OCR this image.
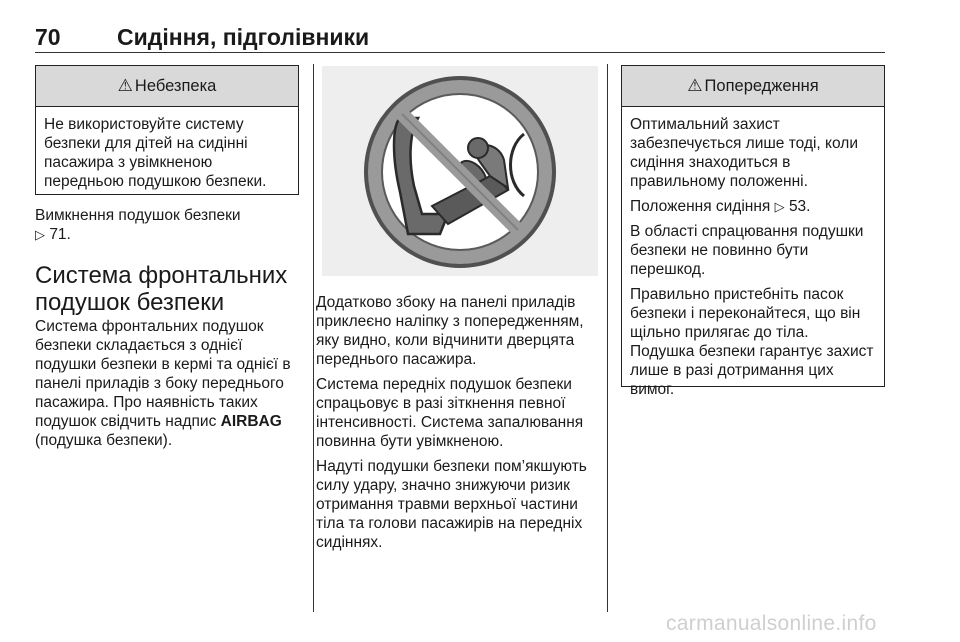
70 Сидіння, підголівники
⚠ Небезпека

Не використовуйте систему безпеки для дітей на сидінні пасажира з увімкненою передньою подушкою безпеки.

Вимкнення подушок безпеки
▷ 71.
Система фронтальних подушок безпеки
Система фронтальних подушок безпеки складається з однієї подушки безпеки в кермі та однієї в панелі приладів з боку переднього пасажира. Про наявність таких подушок свідчить надпис AIRBAG (подушка безпеки).

Додатково збоку на панелі приладів приклеєно наліпку з попередженням, яку видно, коли відчинити дверцята переднього пасажира.

Система передніх подушок безпеки спрацьовує в разі зіткнення певної інтенсивності. Система запалювання повинна бути увімкненою.

Надуті подушки безпеки пом’якшують силу удару, значно знижуючи ризик отримання травми верхньої частини тіла та голови пасажирів на передніх сидіннях.

⚠ Попередження

Оптимальний захист забезпечується лише тоді, коли сидіння знаходиться в правильному положенні.

Положення сидіння ▷ 53.

В області спрацювання подушки безпеки не повинно бути перешкод.

Правильно пристебніть пасок безпеки і переконайтеся, що він щільно прилягає до тіла. Подушка безпеки гарантує захист лише в разі дотримання цих вимог.

carmanualsonline.info
